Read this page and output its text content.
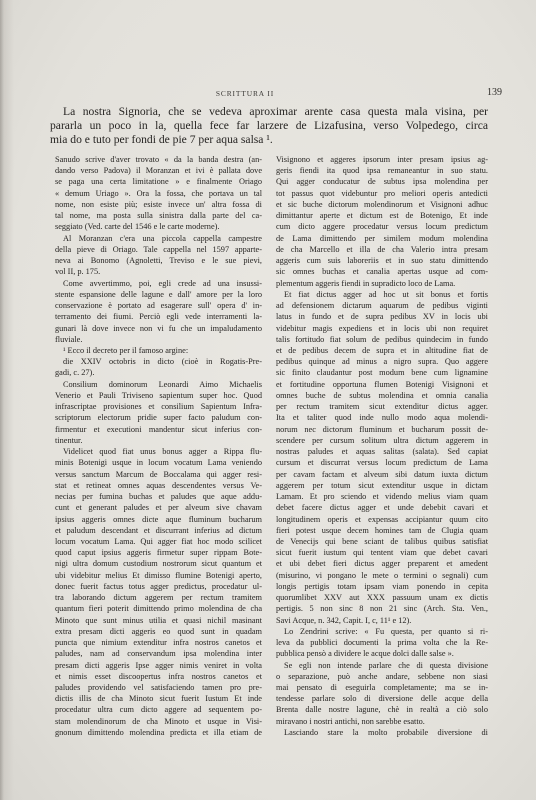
SCRITTURA II	139
La nostra Signoria, che se vedeva aproximar arente casa questa mala visina, per
pararla un poco in la, quella fece far larzere de Lizafusina, verso Volpedego, circa
mia do e tuto per fondi de pie 7 per aqua salsa ¹.
Sanudo scrive d'aver trovato « da la banda destra (an-
dando verso Padova) il Moranzan et ivi è pallata dove
se paga una certa limitatione » e finalmente Oriago
« demum Uriago ». Ora la fossa, che portava un tal
nome, non esiste più; esiste invece un' altra fossa di
tal nome, ma posta sulla sinistra dalla parte del ca-
seggiato (Ved. carte del 1546 e le carte moderne).
Al Moranzan c'era una piccola cappella campestre
della pieve di Oriago. Tale cappella nel 1597 apparte-
neva ai Bonomo (Agnoletti, Treviso e le sue pievi,
vol II, p. 175.
Come avvertimmo, poi, egli crede ad una insussi-
stente espansione delle lagune e dall' amore per la loro
conservazione è portato ad esagerare sull' opera d' in-
terramento dei fiumi. Perciò egli vede interramenti la-
gunari là dove invece non vi fu che un impaludamento
fluviale.
¹ Ecco il decreto per il famoso argine:
die XXIV octobris in dicto (cioè in Rogatis-Pre-
gadi, c. 27).
Consilium dominorum Leonardi Aimo Michaelis
Venerio et Pauli Triviseno sapientum super hoc. Quod
infrascriptae provisiones et consilium Sapientum Infra-
scriptorum electorum pridie super facto paludum con-
firmentur et executioni mandentur sicut inferius con-
tinentur.
Videlicet quod fiat unus bonus agger a Rippa flu-
minis Botenigi usque in locum vocatum Lama veniendo
versus sanctum Marcum de Boccalama qui agger resi-
stat et retineat omnes aquas descendentes versus Ve-
necias per fumina buchas et paludes que aque addu-
cunt et generant paludes et per alveum sive chavam
ipsius aggeris omnes dicte aque fluminum bucharum
et paludum descendant et discurrant inferius ad dictum
locum vocatum Lama. Qui agger fiat hoc modo scilicet
quod caput ipsius aggeris firmetur super rippam Bote-
nigi ultra domum custodium nostrorum sicut quantum et
ubi videbitur melius Et dimisso flumine Botenigi aperto,
donec fuerit factus totus agger predictus, procedatur ul-
tra laborando dictum aggerem per rectum tramitem
quantum fieri poterit dimittendo primo molendina de cha
Minoto que sunt minus utilia et quasi nichil masinant
extra presam dicti aggeris eo quod sunt in quadam
puncta que nimium extenditur infra nostros canetos et
paludes, nam ad conservandum ipsa molendina inter
presam dicti aggeris Ipse agger nimis veniret in volta
et nimis esset discoopertus infra nostros canetos et
paludes providendo vel satisfaciendo tamen pro pre-
dictis illis de cha Minoto sicut fuerit Iustum Et inde
procedatur ultra cum dicto aggere ad sequentem po-
stam molendinorum de cha Minoto et usque in Visi-
gnonum dimittendo molendina predicta et illa etiam de
Visignono et aggeres ipsorum inter presam ipsius ag-
geris fiendi ita quod ipsa remaneantur in suo statu.
Qui agger conducatur de subtus ipsa molendina per
tot passus quot videbuntur pro meliori operis antedicti
et sic buche dictorum molendinorum et Visignoni adhuc
dimittantur aperte et dictum est de Botenigo, Et inde
cum dicto aggere procedatur versus locum predictum
de Lama dimittendo per similem modum molendina
de cha Marcello et illa de cha Valerio intra presam
aggeris cum suis laboreriis et in suo statu dimittendo
sic omnes buchas et canalia apertas usque ad com-
plementum aggeris fiendi in supradicto loco de Lama.
Et fiat dictus agger ad hoc ut sit bonus et fortis
ad defensionem dictarum aquarum de pedibus viginti
latus in fundo et de supra pedibus XV in locis ubi
videbitur magis expediens et in locis ubi non requiret
talis fortitudo fiat solum de pedibus quindecim in fundo
et de pedibus decem de supra et in altitudine fiat de
pedibus quinque ad minus a nigro supra. Quo aggere
sic finito claudantur post modum bene cum lignamine
et fortitudine opportuna flumen Botenigi Visignoni et
omnes buche de subtus molendina et omnia canalia
per rectum tramitem sicut extenditur dictus agger.
Ita et taliter quod inde nullo modo aqua molendi-
norum nec dictorum fluminum et bucharum possit de-
scendere per cursum solitum ultra dictum aggerem in
nostras paludes et aquas salitas (salata). Sed capiat
cursum et discurrat versus locum predictum de Lama
per cavam factam et alveum sibi datum iuxta dictum
aggerem per totum sicut extenditur usque in dictam
Lamam. Et pro sciendo et videndo melius viam quam
debet facere dictus agger et unde debebit cavari et
longitudinem operis et expensas accipiantur quum cito
fieri potest usque decem homines tam de Clugia quam
de Venecijs qui bene sciant de talibus quibus satisfiat
sicut fuerit iustum qui tentent viam que debet cavari
et ubi debet fieri dictus agger preparent et amedent
(misurino, vi pongano le mete o termini o segnali) cum
longis pertigis totam ipsam viam ponendo in cepita
quorumlibet XXV aut XXX passuum unam ex dictis
pertigis. 5 non sinc 8 non 21 sinc (Arch. Sta. Ven.,
Savi Acque, n. 342, Capit. I, c, 11¹ e 12).
Lo Zendrini scrive: « Fu questa, per quanto si ri-
leva da pubblici documenti la prima volta che la Re-
pubblica pensò a dividere le acque dolci dalle salse ».
Se egli non intende parlare che di questa divisione
o separazione, può anche andare, sebbene non siasi
mai pensato di eseguirla completamente; ma se in-
tendesse parlare solo di diversione delle acque della
Brenta dalle nostre lagune, chè in realtà a ciò solo
miravano i nostri antichi, non sarebbe esatto.
Lasciando stare la molto probabile diversione di
